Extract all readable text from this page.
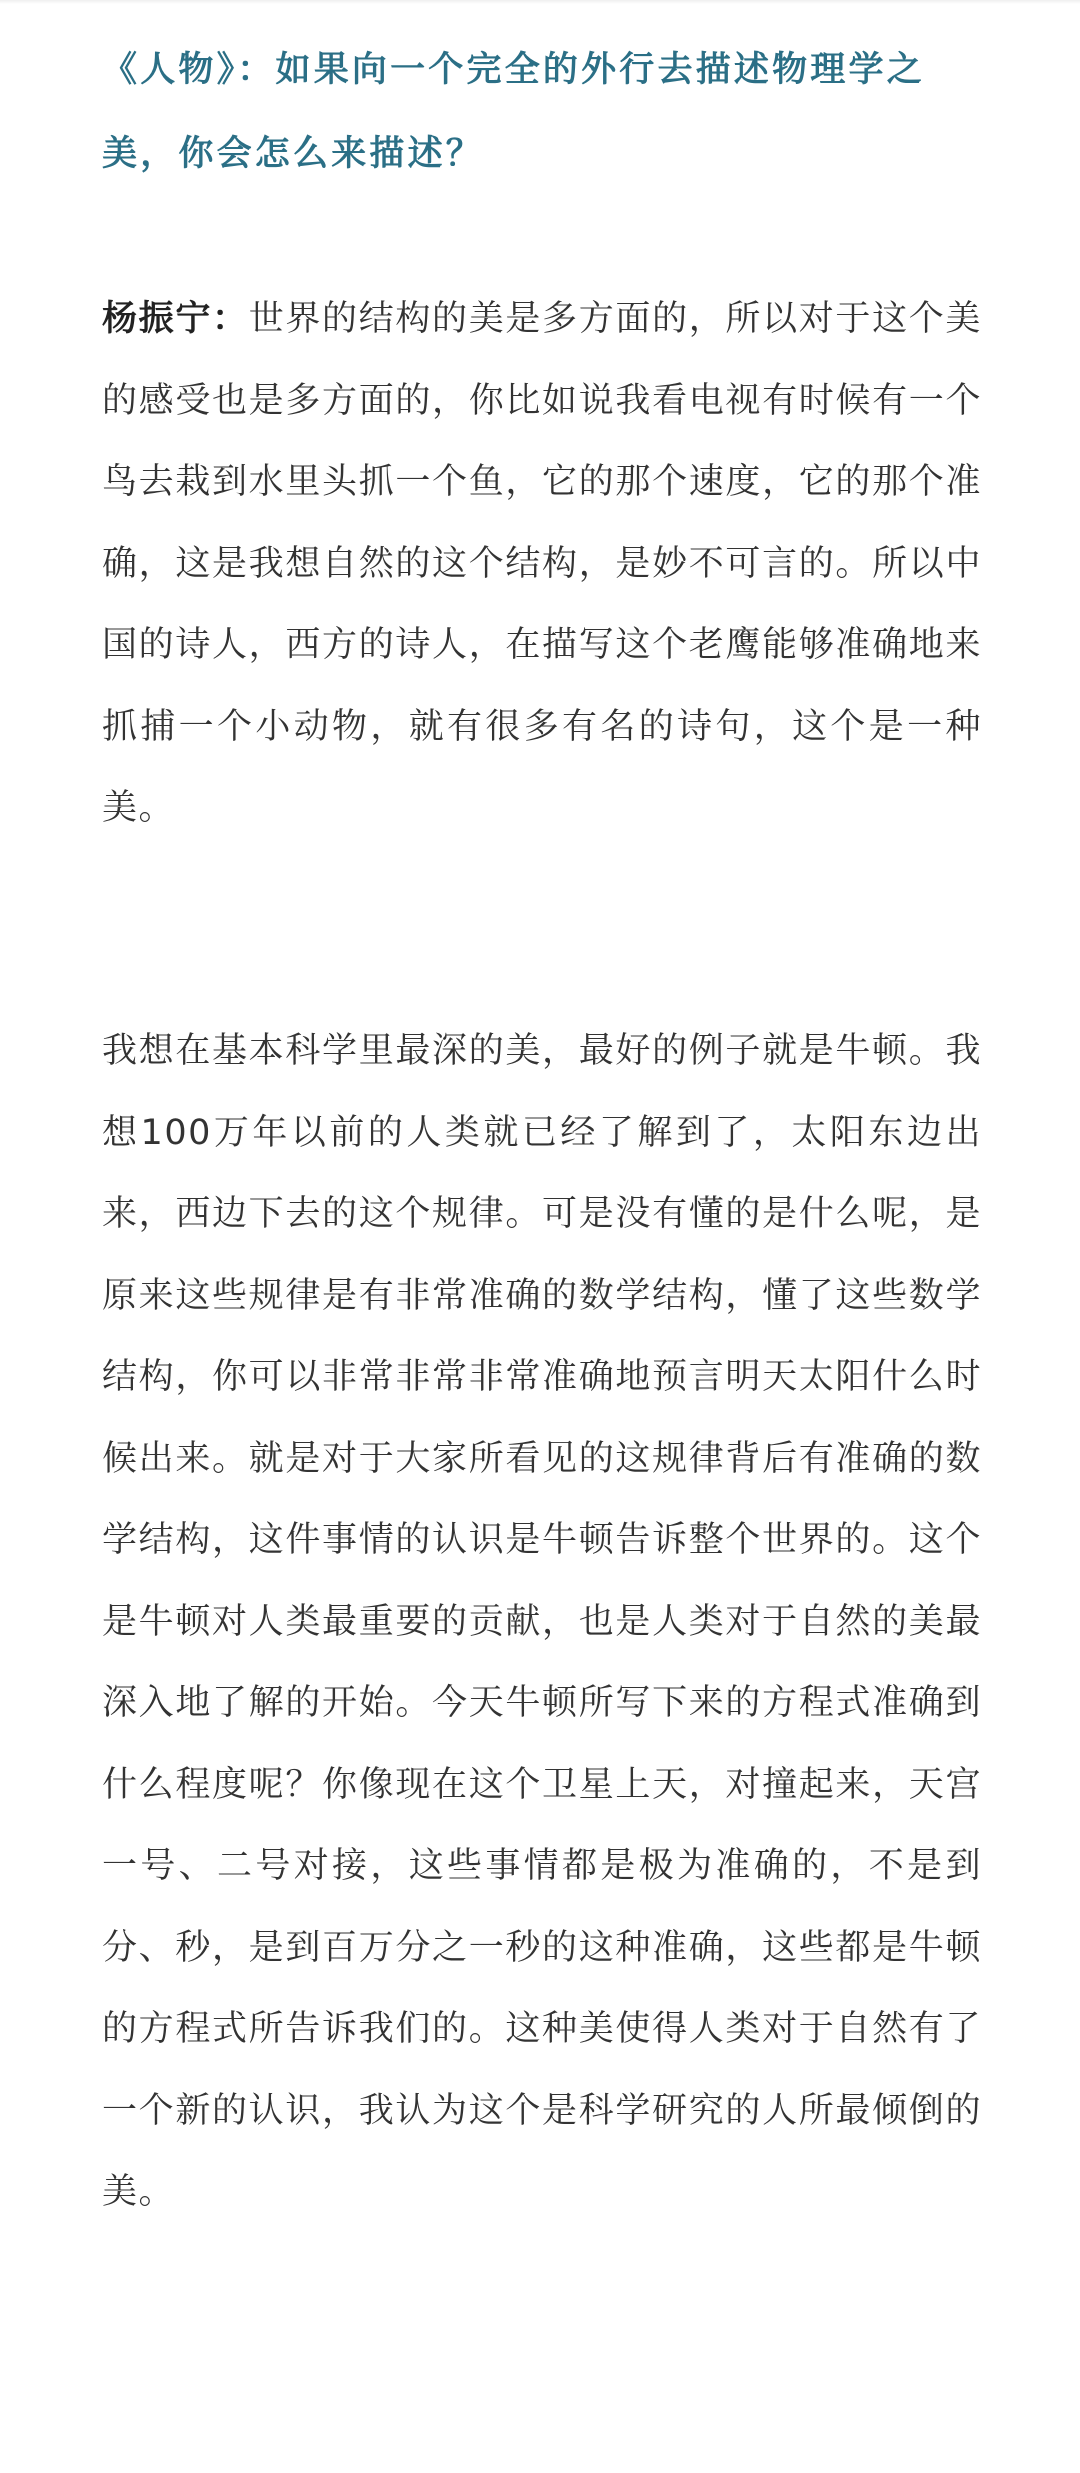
《人物》：如果向一个完全的外行去描述物理学之美，你会怎么来描述？

杨振宁：世界的结构的美是多方面的，所以对于这个美的感受也是多方面的，你比如说我看电视有时候有一个鸟去栽到水里头抓一个鱼，它的那个速度，它的那个准确，这是我想自然的这个结构，是妙不可言的。所以中国的诗人，西方的诗人，在描写这个老鹰能够准确地来抓捕一个小动物，就有很多有名的诗句，这个是一种美。

我想在基本科学里最深的美，最好的例子就是牛顿。我想100万年以前的人类就已经了解到了，太阳东边出来，西边下去的这个规律。可是没有懂的是什么呢，是原来这些规律是有非常准确的数学结构，懂了这些数学结构，你可以非常非常非常准确地预言明天太阳什么时候出来。就是对于大家所看见的这规律背后有准确的数学结构，这件事情的认识是牛顿告诉整个世界的。这个是牛顿对人类最重要的贡献，也是人类对于自然的美最深入地了解的开始。今天牛顿所写下来的方程式准确到什么程度呢？你像现在这个卫星上天，对撞起来，天宫一号、二号对接，这些事情都是极为准确的，不是到分、秒，是到百万分之一秒的这种准确，这些都是牛顿的方程式所告诉我们的。这种美使得人类对于自然有了一个新的认识，我认为这个是科学研究的人所最倾倒的美。
